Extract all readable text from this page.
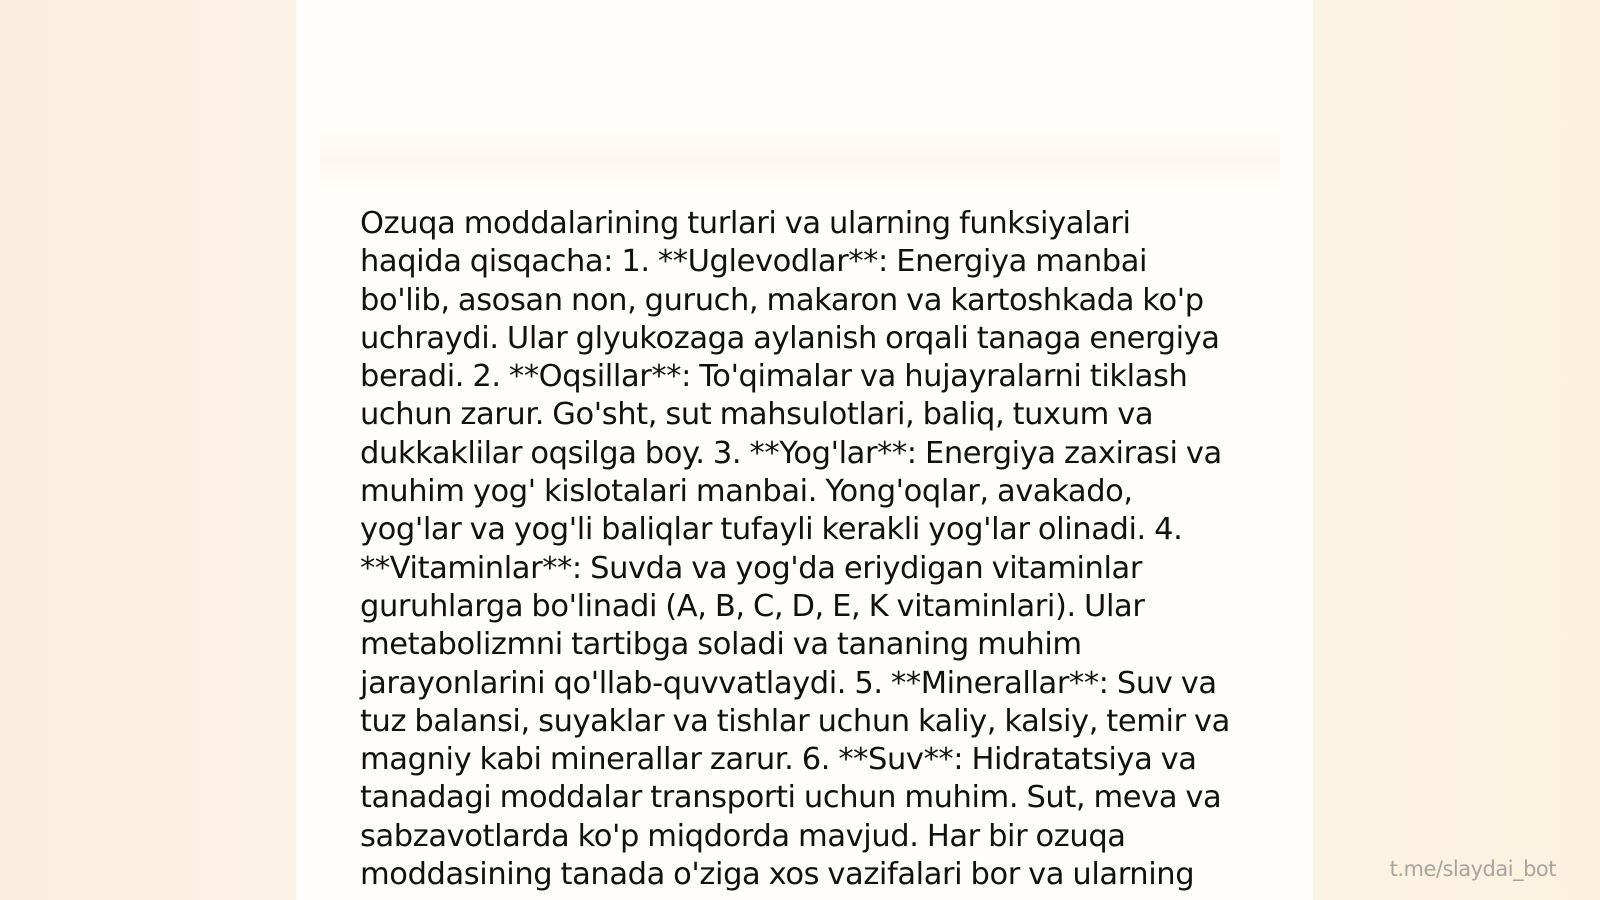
Ozuqa moddalarining turlari va ularning funksiyalari
haqida qisqacha: 1. **Uglevodlar**: Energiya manbai
bo'lib, asosan non, guruch, makaron va kartoshkada ko'p
uchraydi. Ular glyukozaga aylanish orqali tanaga energiya
beradi. 2. **Oqsillar**: To'qimalar va hujayralarni tiklash
uchun zarur. Go'sht, sut mahsulotlari, baliq, tuxum va
dukkaklilar oqsilga boy. 3. **Yog'lar**: Energiya zaxirasi va
muhim yog' kislotalari manbai. Yong'oqlar, avakado,
yog'lar va yog'li baliqlar tufayli kerakli yog'lar olinadi. 4.
**Vitaminlar**: Suvda va yog'da eriydigan vitaminlar
guruhlarga bo'linadi (A, B, C, D, E, K vitaminlari). Ular
metabolizmni tartibga soladi va tananing muhim
jarayonlarini qo'llab-quvvatlaydi. 5. **Minerallar**: Suv va
tuz balansi, suyaklar va tishlar uchun kaliy, kalsiy, temir va
magniy kabi minerallar zarur. 6. **Suv**: Hidratatsiya va
tanadagi moddalar transporti uchun muhim. Sut, meva va
sabzavotlarda ko'p miqdorda mavjud. Har bir ozuqa
moddasining tanada o'ziga xos vazifalari bor va ularning	t.me/slaydai_bot
